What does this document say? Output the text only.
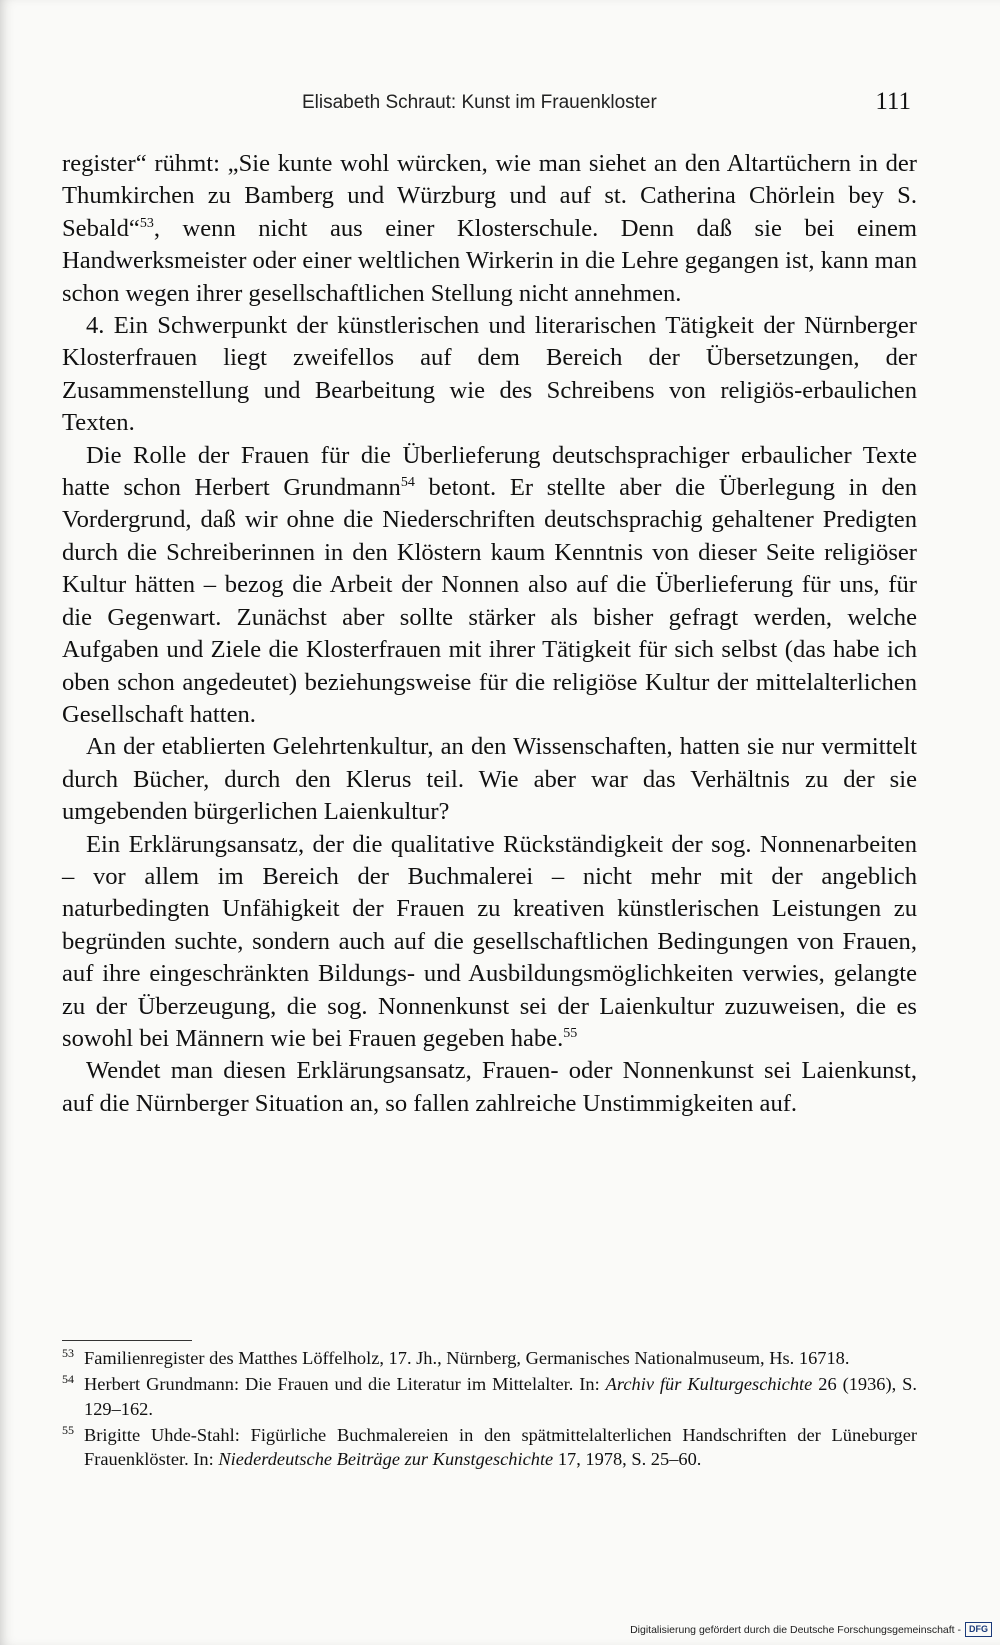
Elisabeth Schraut: Kunst im Frauenkloster	111

register“ rühmt: „Sie kunte wohl würcken, wie man siehet an den Altartüchern in der Thumkirchen zu Bamberg und Würzburg und auf st. Catherina Chörlein bey S. Sebald“$^{53}$, wenn nicht aus einer Klosterschule. Denn daß sie bei einem Handwerksmeister oder einer weltlichen Wirkerin in die Lehre gegangen ist, kann man schon wegen ihrer gesellschaftlichen Stellung nicht annehmen.

4. Ein Schwerpunkt der künstlerischen und literarischen Tätigkeit der Nürnberger Klosterfrauen liegt zweifellos auf dem Bereich der Übersetzungen, der Zusammenstellung und Bearbeitung wie des Schreibens von religiös-erbaulichen Texten.

Die Rolle der Frauen für die Überlieferung deutschsprachiger erbaulicher Texte hatte schon Herbert Grundmann$^{54}$ betont. Er stellte aber die Überlegung in den Vordergrund, daß wir ohne die Niederschriften deutschsprachig gehaltener Predigten durch die Schreiberinnen in den Klöstern kaum Kenntnis von dieser Seite religiöser Kultur hätten – bezog die Arbeit der Nonnen also auf die Überlieferung für uns, für die Gegenwart. Zunächst aber sollte stärker als bisher gefragt werden, welche Aufgaben und Ziele die Klosterfrauen mit ihrer Tätigkeit für sich selbst (das habe ich oben schon angedeutet) beziehungsweise für die religiöse Kultur der mittelalterlichen Gesellschaft hatten.

An der etablierten Gelehrtenkultur, an den Wissenschaften, hatten sie nur vermittelt durch Bücher, durch den Klerus teil. Wie aber war das Verhältnis zu der sie umgebenden bürgerlichen Laienkultur?

Ein Erklärungsansatz, der die qualitative Rückständigkeit der sog. Nonnenarbeiten – vor allem im Bereich der Buchmalerei – nicht mehr mit der angeblich naturbedingten Unfähigkeit der Frauen zu kreativen künstlerischen Leistungen zu begründen suchte, sondern auch auf die gesellschaftlichen Bedingungen von Frauen, auf ihre eingeschränkten Bildungs- und Ausbildungsmöglichkeiten verwies, gelangte zu der Überzeugung, die sog. Nonnenkunst sei der Laienkultur zuzuweisen, die es sowohl bei Männern wie bei Frauen gegeben habe.$^{55}$

Wendet man diesen Erklärungsansatz, Frauen- oder Nonnenkunst sei Laienkunst, auf die Nürnberger Situation an, so fallen zahlreiche Unstimmigkeiten auf.

53 Familienregister des Matthes Löffelholz, 17. Jh., Nürnberg, Germanisches Nationalmuseum, Hs. 16718.
54 Herbert Grundmann: Die Frauen und die Literatur im Mittelalter. In: Archiv für Kulturgeschichte 26 (1936), S. 129–162.
55 Brigitte Uhde-Stahl: Figürliche Buchmalereien in den spätmittelalterlichen Handschriften der Lüneburger Frauenklöster. In: Niederdeutsche Beiträge zur Kunstgeschichte 17, 1978, S. 25–60.
Digitalisierung gefördert durch die Deutsche Forschungsgemeinschaft - DFG
